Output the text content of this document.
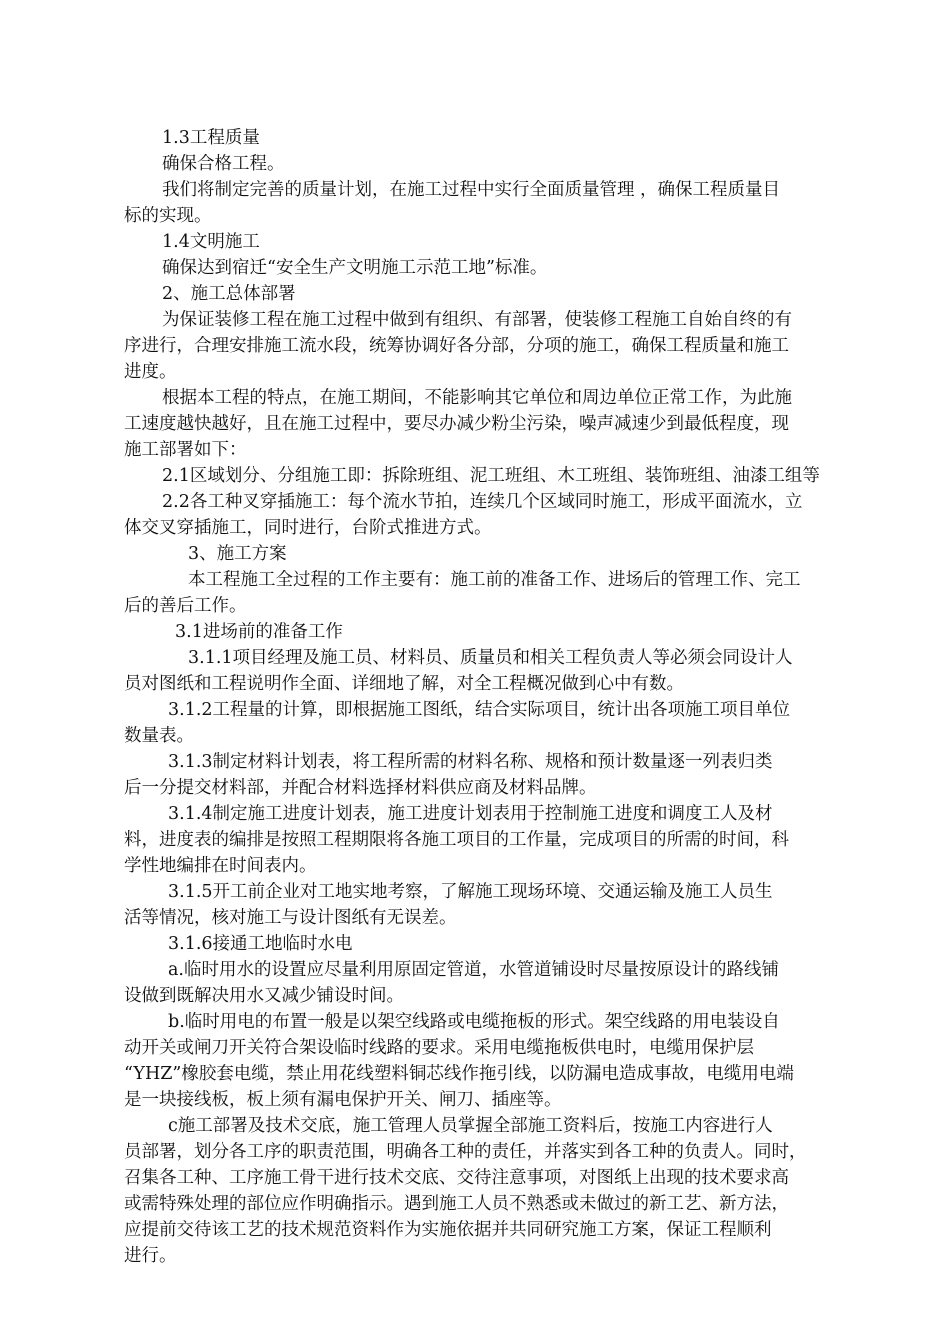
1.3工程质量
确保合格工程。
我们将制定完善的质量计划，在施工过程中实行全面质量管理 ，确保工程质量目
标的实现。
1.4文明施工
确保达到宿迁“安全生产文明施工示范工地”标准。
2、施工总体部署
为保证装修工程在施工过程中做到有组织、有部署，使装修工程施工自始自终的有
序进行，合理安排施工流水段，统筹协调好各分部，分项的施工，确保工程质量和施工
进度。
根据本工程的特点，在施工期间，不能影响其它单位和周边单位正常工作，为此施
工速度越快越好，且在施工过程中，要尽办减少粉尘污染，噪声减速少到最低程度，现
施工部署如下：
2.1区域划分、分组施工即：拆除班组、泥工班组、木工班组、装饰班组、油漆工组等
2.2各工种叉穿插施工：每个流水节拍，连续几个区域同时施工，形成平面流水，立
体交叉穿插施工，同时进行，台阶式推进方式。
3、施工方案
本工程施工全过程的工作主要有：施工前的准备工作、进场后的管理工作、完工
后的善后工作。
3.1进场前的准备工作
3.1.1项目经理及施工员、材料员、质量员和相关工程负责人等必须会同设计人
员对图纸和工程说明作全面、详细地了解，对全工程概况做到心中有数。
3.1.2工程量的计算，即根据施工图纸，结合实际项目，统计出各项施工项目单位
数量表。
3.1.3制定材料计划表，将工程所需的材料名称、规格和预计数量逐一列表归类
后一分提交材料部，并配合材料选择材料供应商及材料品牌。
3.1.4制定施工进度计划表，施工进度计划表用于控制施工进度和调度工人及材
料，进度表的编排是按照工程期限将各施工项目的工作量，完成项目的所需的时间，科
学性地编排在时间表内。
3.1.5开工前企业对工地实地考察，了解施工现场环境、交通运输及施工人员生
活等情况，核对施工与设计图纸有无误差。
3.1.6接通工地临时水电
a.临时用水的设置应尽量利用原固定管道，水管道铺设时尽量按原设计的路线铺
设做到既解决用水又减少铺设时间。
b.临时用电的布置一般是以架空线路或电缆拖板的形式。架空线路的用电装设自
动开关或闸刀开关符合架设临时线路的要求。采用电缆拖板供电时，电缆用保护层
“YHZ”橡胶套电缆，禁止用花线塑料铜芯线作拖引线，以防漏电造成事故，电缆用电端
是一块接线板，板上须有漏电保护开关、闸刀、插座等。
c施工部署及技术交底，施工管理人员掌握全部施工资料后，按施工内容进行人
员部署，划分各工序的职责范围，明确各工种的责任，并落实到各工种的负责人。同时，
召集各工种、工序施工骨干进行技术交底、交待注意事项，对图纸上出现的技术要求高
或需特殊处理的部位应作明确指示。遇到施工人员不熟悉或未做过的新工艺、新方法，
应提前交待该工艺的技术规范资料作为实施依据并共同研究施工方案，保证工程顺利
进行。
